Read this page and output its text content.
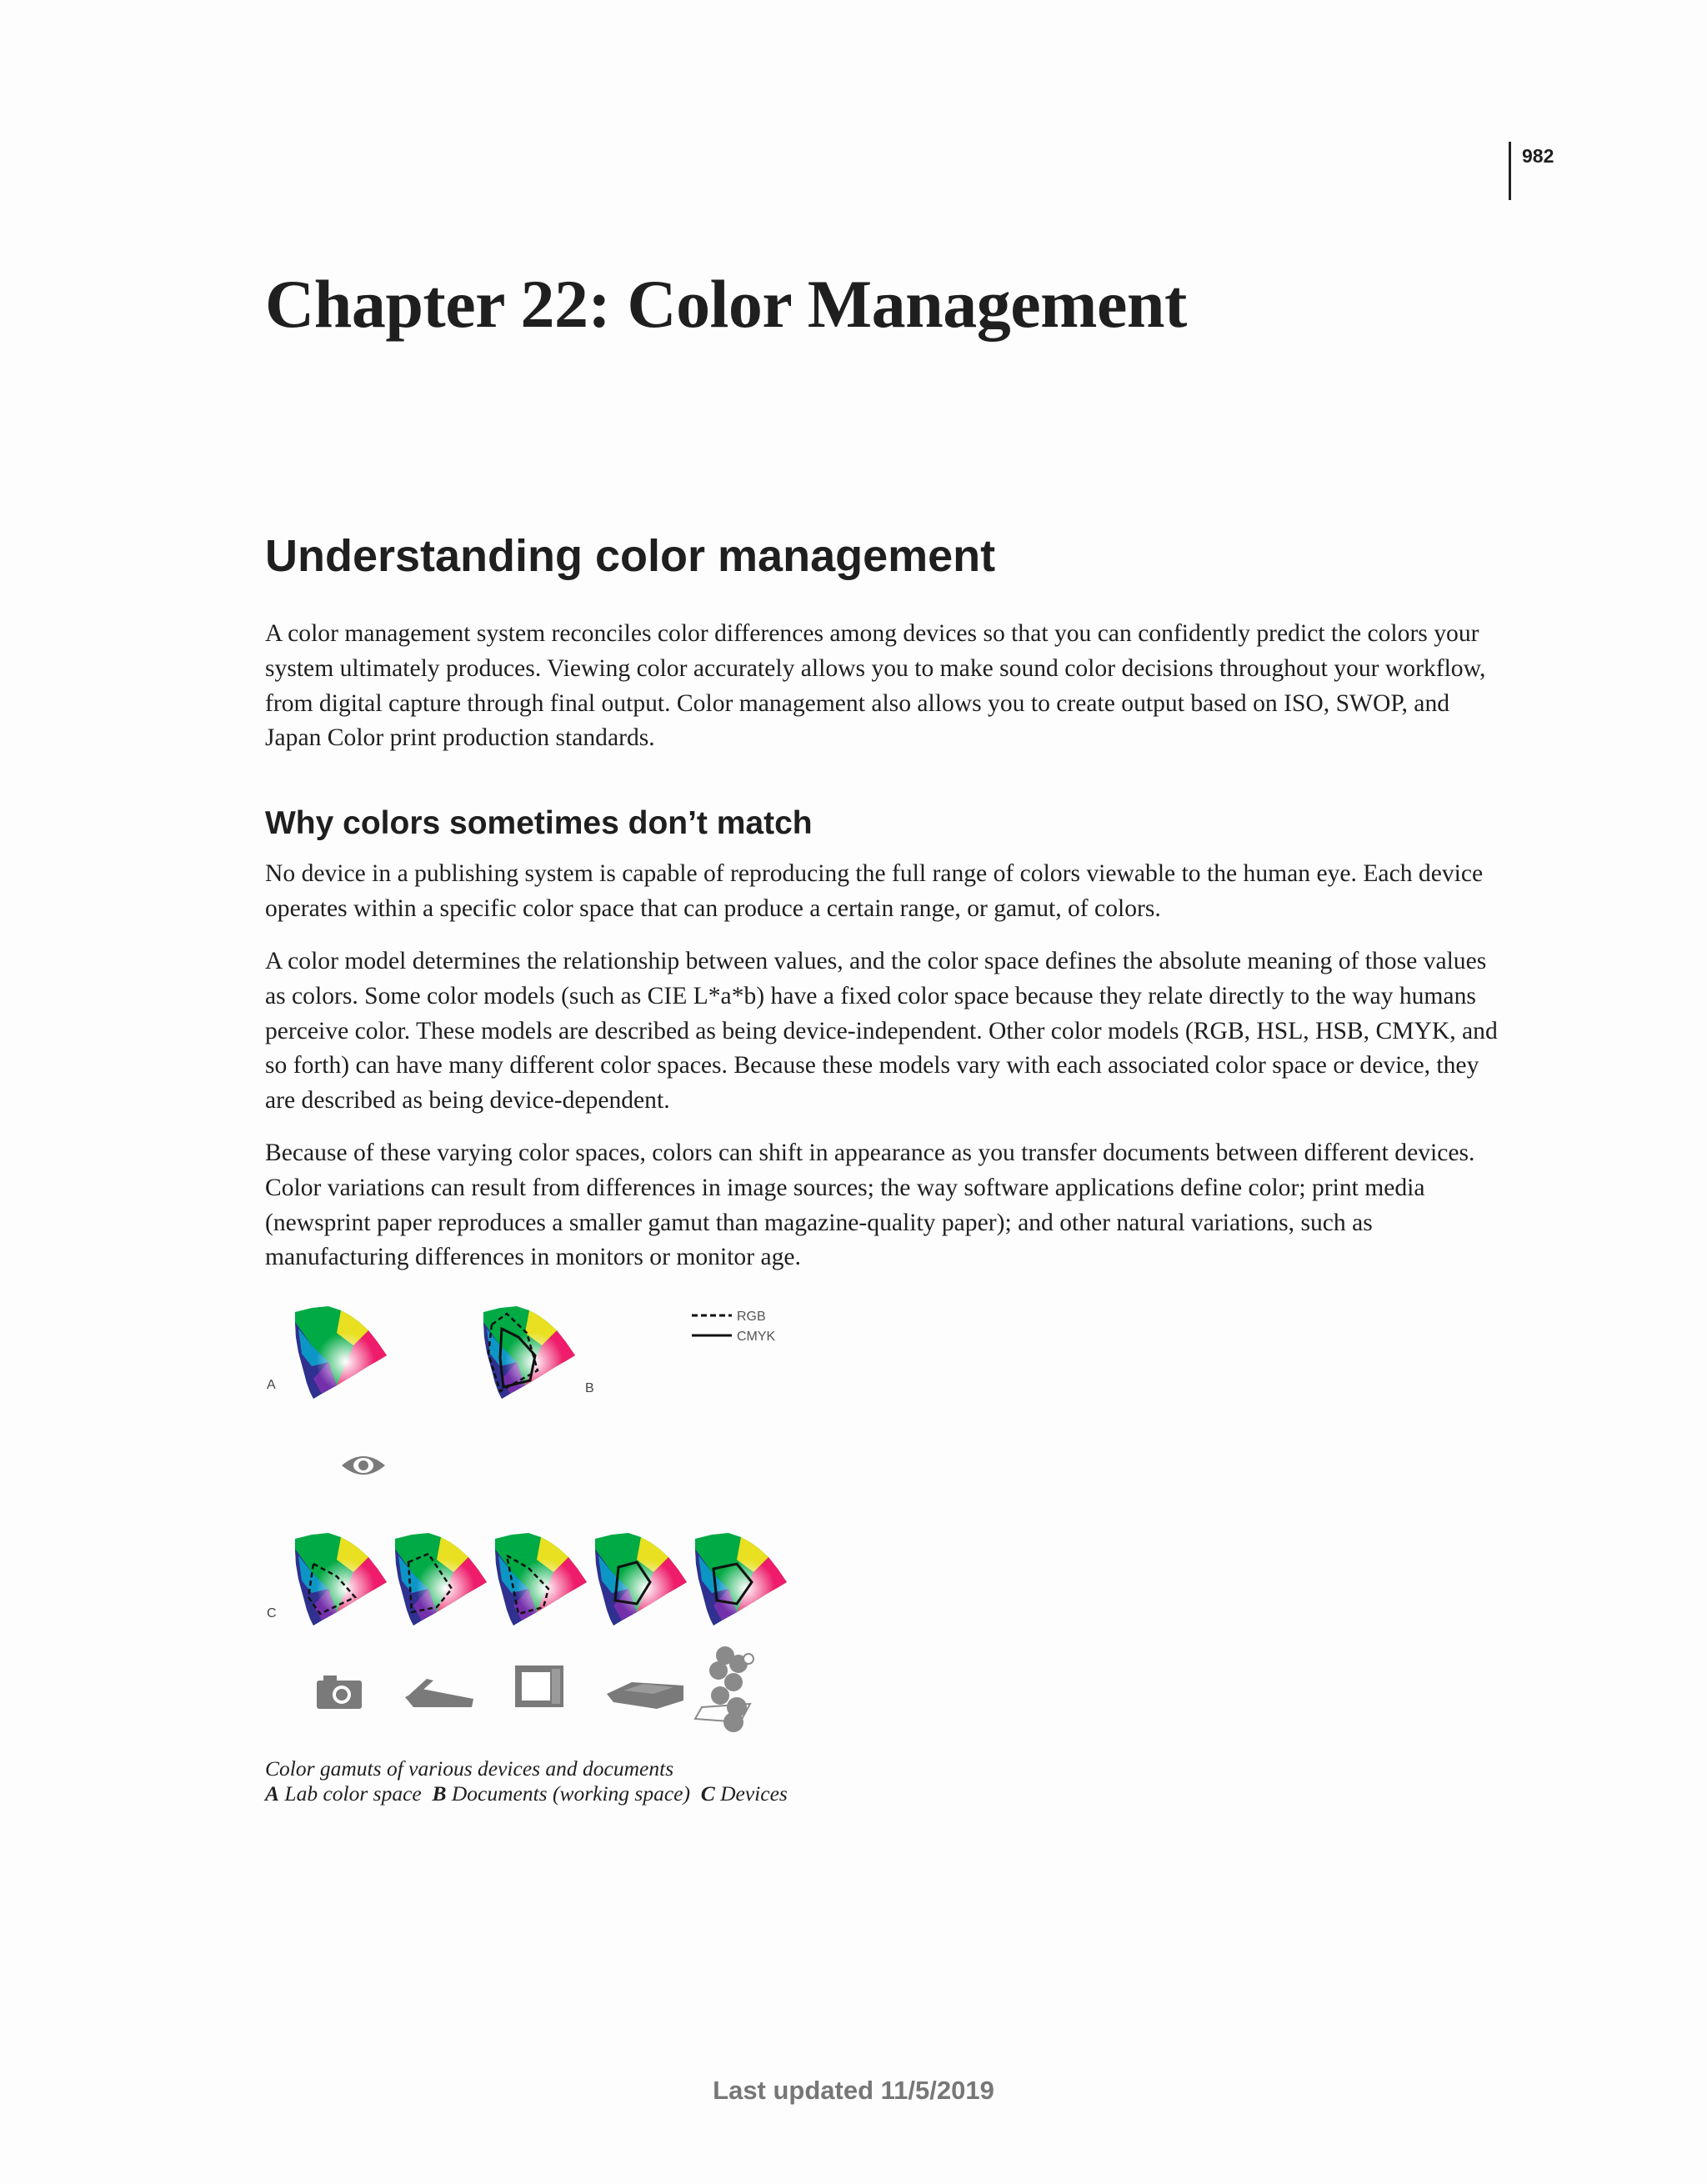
982
Chapter 22: Color Management
Understanding color management

A color management system reconciles color differences among devices so that you can confidently predict the colors your system ultimately produces. Viewing color accurately allows you to make sound color decisions throughout your workflow, from digital capture through final output. Color management also allows you to create output based on ISO, SWOP, and Japan Color print production standards.

Why colors sometimes don’t match

No device in a publishing system is capable of reproducing the full range of colors viewable to the human eye. Each device operates within a specific color space that can produce a certain range, or gamut, of colors.

A color model determines the relationship between values, and the color space defines the absolute meaning of those values as colors. Some color models (such as CIE L*a*b) have a fixed color space because they relate directly to the way humans perceive color. These models are described as being device-independent. Other color models (RGB, HSL, HSB, CMYK, and so forth) can have many different color spaces. Because these models vary with each associated color space or device, they are described as being device-dependent.

Because of these varying color spaces, colors can shift in appearance as you transfer documents between different devices. Color variations can result from differences in image sources; the way software applications define color; print media (newsprint paper reproduces a smaller gamut than magazine-quality paper); and other natural variations, such as manufacturing differences in monitors or monitor age.

A	B
RGB
CMYK
C
Color gamuts of various devices and documents
A Lab color space  B Documents (working space)  C Devices
Last updated 11/5/2019
